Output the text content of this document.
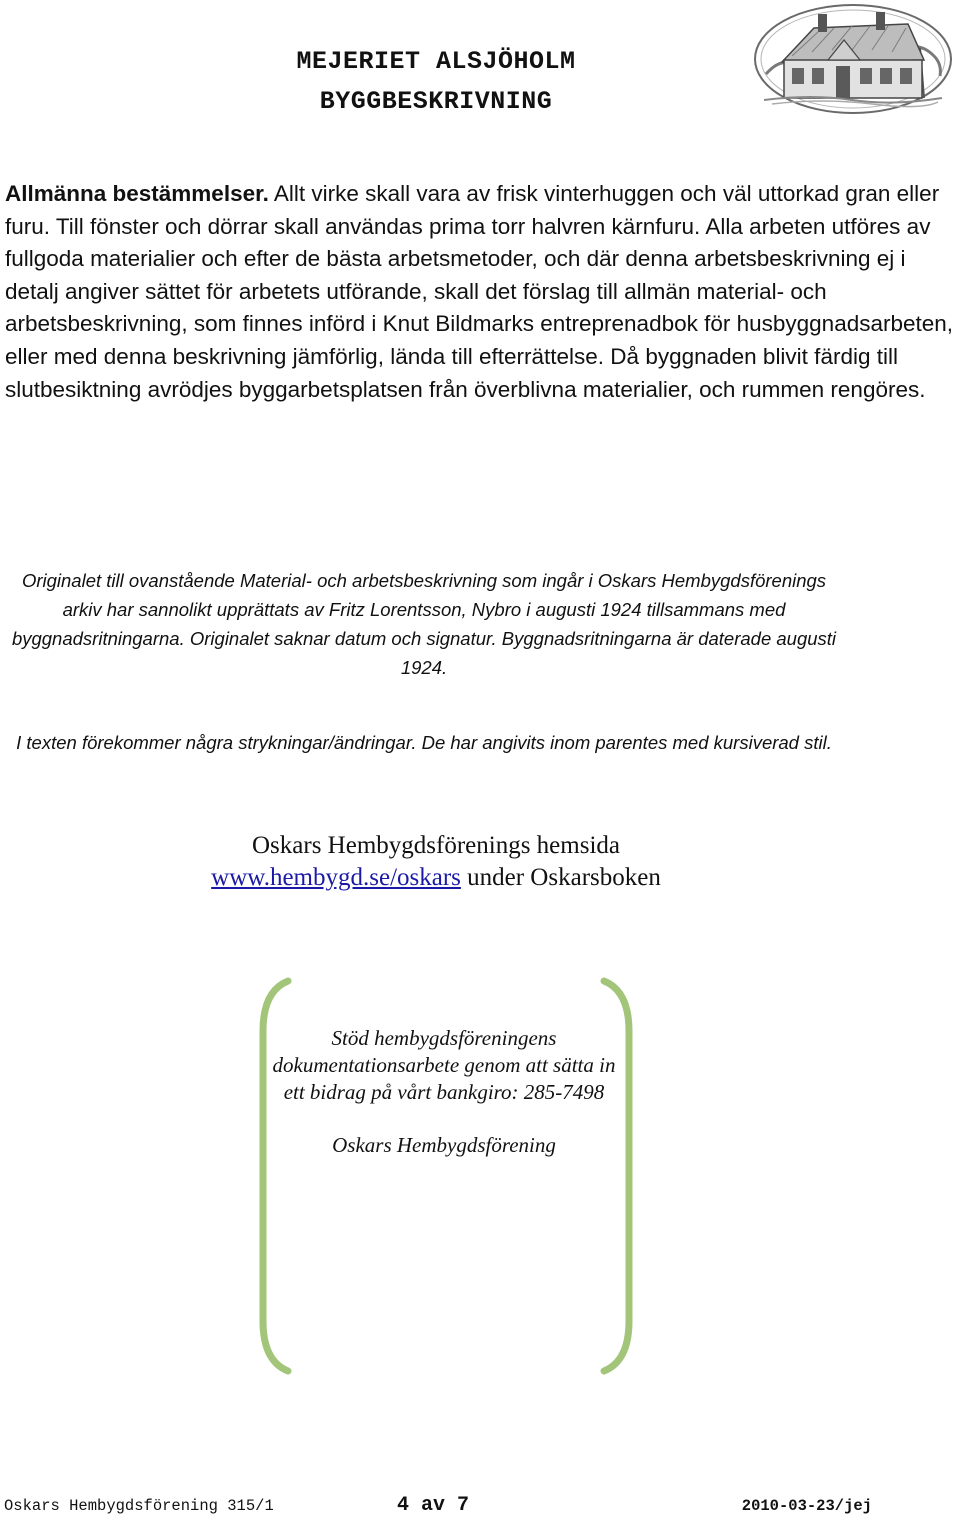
MEJERIET ALSJÖHOLM
BYGGBESKRIVNING

Allmänna bestämmelser. Allt virke skall vara av frisk vinterhuggen och väl uttorkad gran eller furu. Till fönster och dörrar skall användas prima torr halvren kärnfuru. Alla arbeten utföres av fullgoda materialier och efter de bästa arbetsmetoder, och där denna arbetsbeskrivning ej i detalj angiver sättet för arbetets utförande, skall det förslag till allmän material- och arbetsbeskrivning, som finnes införd i Knut Bildmarks entreprenadbok för husbyggnadsarbeten, eller med denna beskrivning jämförlig, lända till efterrättelse. Då byggnaden blivit färdig till slutbesiktning avrödjes byggarbetsplatsen från överblivna materialier, och rummen rengöres.

Originalet till ovanstående Material- och arbetsbeskrivning som ingår i Oskars Hembygdsförenings arkiv har sannolikt upprättats av Fritz Lorentsson, Nybro i augusti 1924 tillsammans med byggnadsritningarna. Originalet saknar datum och signatur. Byggnadsritningarna är daterade augusti 1924.

I texten förekommer några strykningar/ändringar. De har angivits inom parentes med kursiverad stil.

Oskars Hembygdsförenings hemsida
www.hembygd.se/oskars under Oskarsboken
Stöd hembygdsföreningens dokumentationsarbete genom att sätta in ett bidrag på vårt bankgiro: 285-7498
Oskars Hembygdsförening
Oskars Hembygdsförening 315/1	4 av 7	2010-03-23/jej
